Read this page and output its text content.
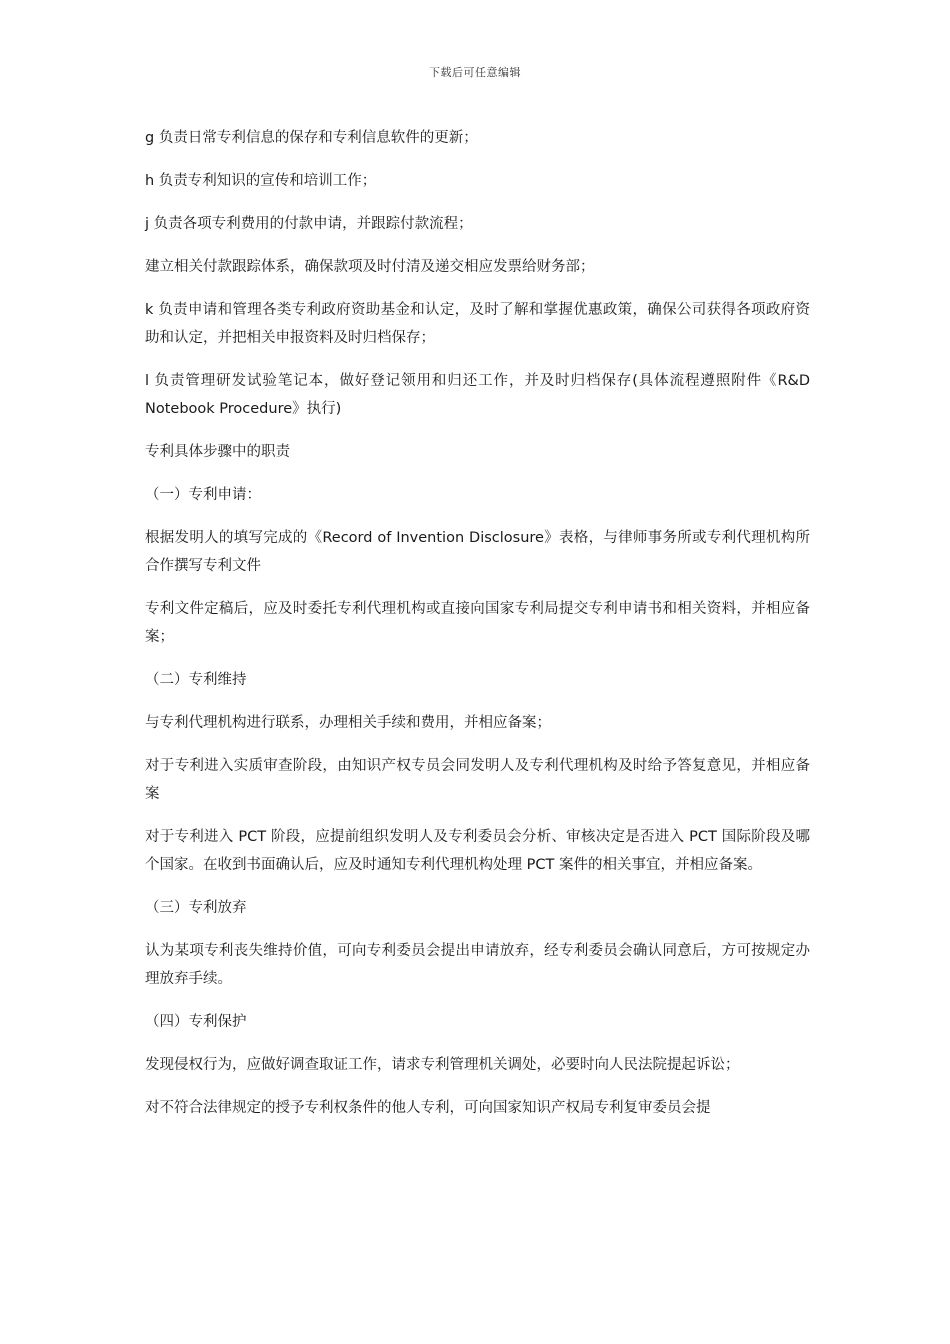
下载后可任意编辑

g 负责日常专利信息的保存和专利信息软件的更新；

h 负责专利知识的宣传和培训工作；

j 负责各项专利费用的付款申请，并跟踪付款流程；

建立相关付款跟踪体系，确保款项及时付清及递交相应发票给财务部；

k 负责申请和管理各类专利政府资助基金和认定，及时了解和掌握优惠政策，确保公司获得各项政府资助和认定，并把相关申报资料及时归档保存；

l 负责管理研发试验笔记本，做好登记领用和归还工作，并及时归档保存(具体流程遵照附件《R&D Notebook Procedure》执行)

专利具体步骤中的职责

（一）专利申请：

根据发明人的填写完成的《Record of Invention Disclosure》表格，与律师事务所或专利代理机构所合作撰写专利文件

专利文件定稿后，应及时委托专利代理机构或直接向国家专利局提交专利申请书和相关资料，并相应备案；

（二）专利维持

与专利代理机构进行联系，办理相关手续和费用，并相应备案；

对于专利进入实质审查阶段，由知识产权专员会同发明人及专利代理机构及时给予答复意见，并相应备案

对于专利进入 PCT 阶段，应提前组织发明人及专利委员会分析、审核决定是否进入 PCT 国际阶段及哪个国家。在收到书面确认后，应及时通知专利代理机构处理 PCT 案件的相关事宜，并相应备案。

（三）专利放弃

认为某项专利丧失维持价值，可向专利委员会提出申请放弃，经专利委员会确认同意后，方可按规定办理放弃手续。

（四）专利保护

发现侵权行为，应做好调查取证工作，请求专利管理机关调处，必要时向人民法院提起诉讼；

对不符合法律规定的授予专利权条件的他人专利，可向国家知识产权局专利复审委员会提
